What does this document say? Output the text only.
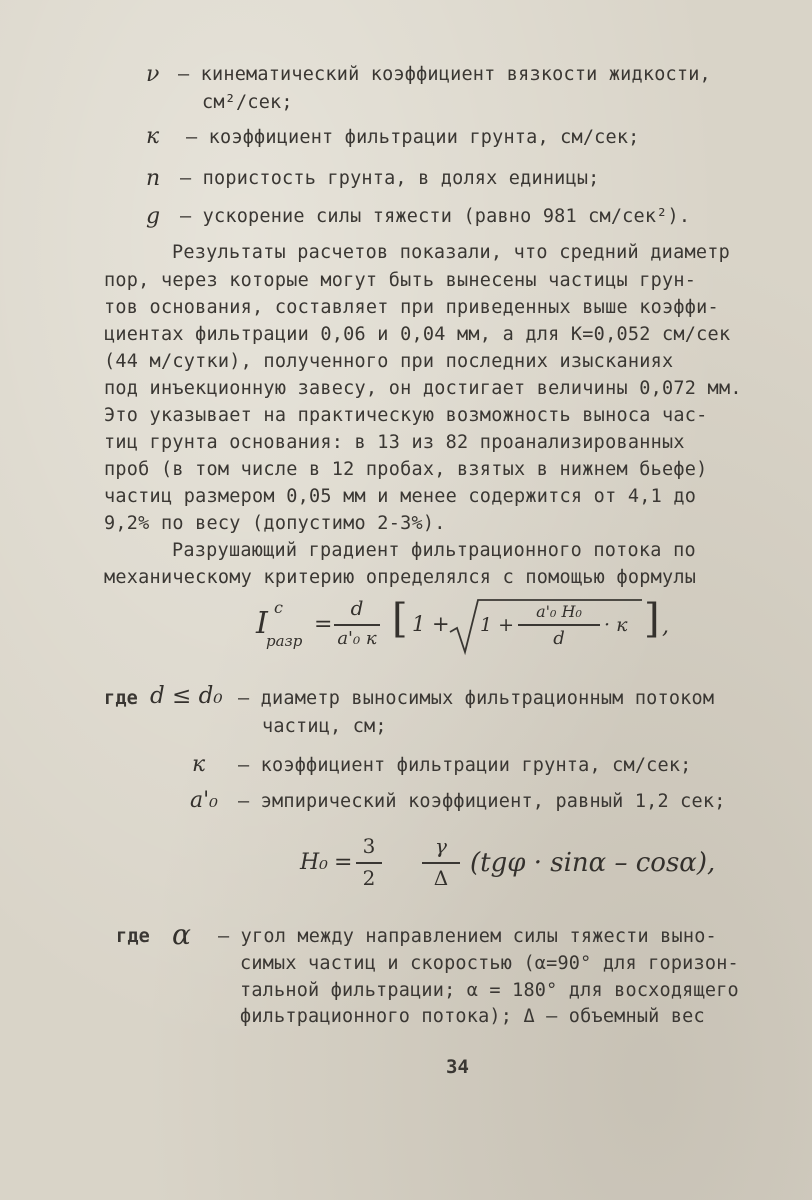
ν – кинематический коэффициент вязкости жидкости,
см²/сек;
к – коэффициент фильтрации грунта, см/сек;
n – пористость грунта, в долях единицы;
g – ускорение силы тяжести (равно 981 см/сек²).
Результаты расчетов показали, что средний диаметр
пор, через которые могут быть вынесены частицы грун-
тов основания, составляет при приведенных выше коэффи-
циентах фильтрации 0,06 и 0,04 мм, а для К=0,052 см/сек
(44 м/сутки), полученного при последних изысканиях
под инъекционную завесу, он достигает величины 0,072 мм.
Это указывает на практическую возможность выноса час-
тиц грунта основания: в 13 из 82 проанализированных
проб (в том числе в 12 пробах, взятых в нижнем бьефе)
частиц размером 0,05 мм и менее содержится от 4,1 до
9,2% по весу (допустимо 2-3%).
Разрушающий градиент фильтрационного потока по
механическому критерию определялся с помощью формулы
I c
разр
=
d
a'₀ к [ 1 + 1 +
a'₀ H₀
d
· к ] ,
где d ≤ d₀ – диаметр выносимых фильтрационным потоком
частиц, см;
к – коэффициент фильтрации грунта, см/сек;
a'₀ – эмпирический коэффициент, равный 1,2 сек;
H₀ =
3
2
γ
Δ (tgφ · sinα – cosα),
где α – угол между направлением силы тяжести выно-
симых частиц и скоростью (α=90° для горизон-
тальной фильтрации; α = 180° для восходящего
фильтрационного потока); Δ – объемный вес
34
